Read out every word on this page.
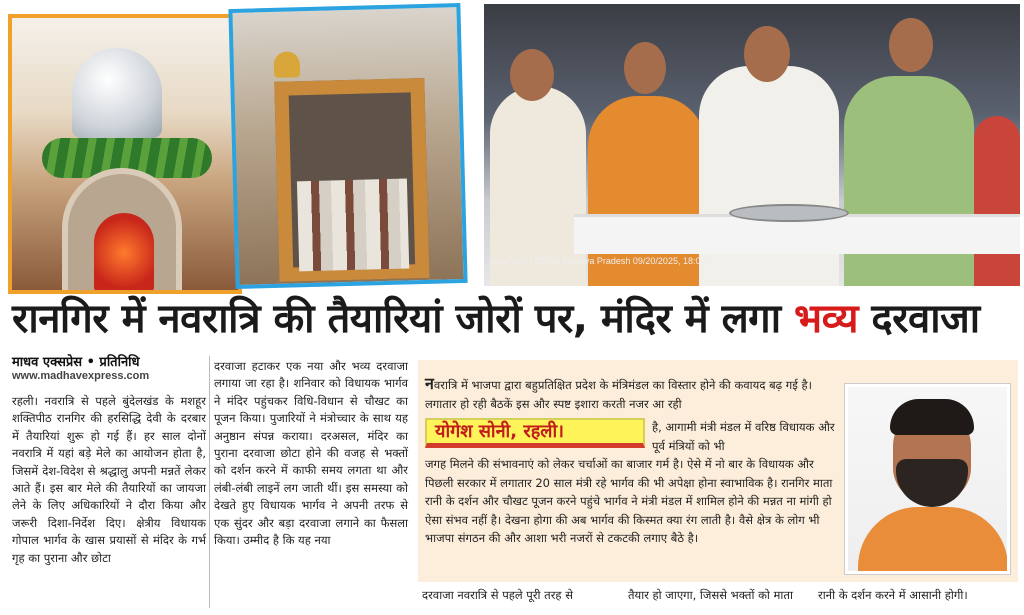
vivo V40 | ZEISS Madhya Pradesh 09/20/2025, 18:06
रानगिर में नवरात्रि की तैयारियां जोरों पर, मंदिर में लगा भव्य दरवाजा
माधव एक्सप्रेस • प्रतिनिधि
www.madhavexpress.com
रहली। नवरात्रि से पहले बुंदेलखंड के मशहूर शक्तिपीठ रानगिर की हरसिद्धि देवी के दरबार में तैयारियां शुरू हो गई हैं। हर साल दोनों नवरात्रि में यहां बड़े मेले का आयोजन होता है, जिसमें देश-विदेश से श्रद्धालु अपनी मन्नतें लेकर आते हैं। इस बार मेले की तैयारियों का जायजा लेने के लिए अधिकारियों ने दौरा किया और जरूरी दिशा-निर्देश दिए। क्षेत्रीय विधायक गोपाल भार्गव के खास प्रयासों से मंदिर के गर्भ गृह का पुराना और छोटा
दरवाजा हटाकर एक नया और भव्य दरवाजा लगाया जा रहा है। शनिवार को विधायक भार्गव ने मंदिर पहुंचकर विधि-विधान से चौखट का पूजन किया। पुजारियों ने मंत्रोच्चार के साथ यह अनुष्ठान संपन्न कराया। दरअसल, मंदिर का पुराना दरवाजा छोटा होने की वजह से भक्तों को दर्शन करने में काफी समय लगता था और लंबी-लंबी लाइनें लग जाती थीं। इस समस्या को देखते हुए विधायक भार्गव ने अपनी तरफ से एक सुंदर और बड़ा दरवाजा लगाने का फैसला किया। उम्मीद है कि यह नया
नवरात्रि में भाजपा द्वारा बहुप्रतिक्षित प्रदेश के मंत्रिमंडल का विस्तार होने की कवायद बढ़ गई है। लगातार हो रही बैठकें इस और स्पष्ट इशारा करती नजर आ रही
योगेश सोनी, रहली।	है, आगामी मंत्री मंडल में वरिष्ठ विधायक और पूर्व मंत्रियों को भी
जगह मिलने की संभावनाएं को लेकर चर्चाओं का बाजार गर्म है। ऐसे में नो बार के विधायक और पिछली सरकार में लगातार 20 साल मंत्री रहे भार्गव की भी अपेक्षा होना स्वाभाविक है। रानगिर माता रानी के दर्शन और चौखट पूजन करने पहुंचे भार्गव ने मंत्री मंडल में शामिल होने की मन्नत ना मांगी हो ऐसा संभव नहीं है। देखना होगा की अब भार्गव की किस्मत क्या रंग लाती है। वैसे क्षेत्र के लोग भी भाजपा संगठन की और आशा भरी नजरों से टकटकी लगाए बैठे है।
दरवाजा नवरात्रि से पहले पूरी तरह से	तैयार हो जाएगा, जिससे भक्तों को माता रानी के दर्शन करने में आसानी होगी।
